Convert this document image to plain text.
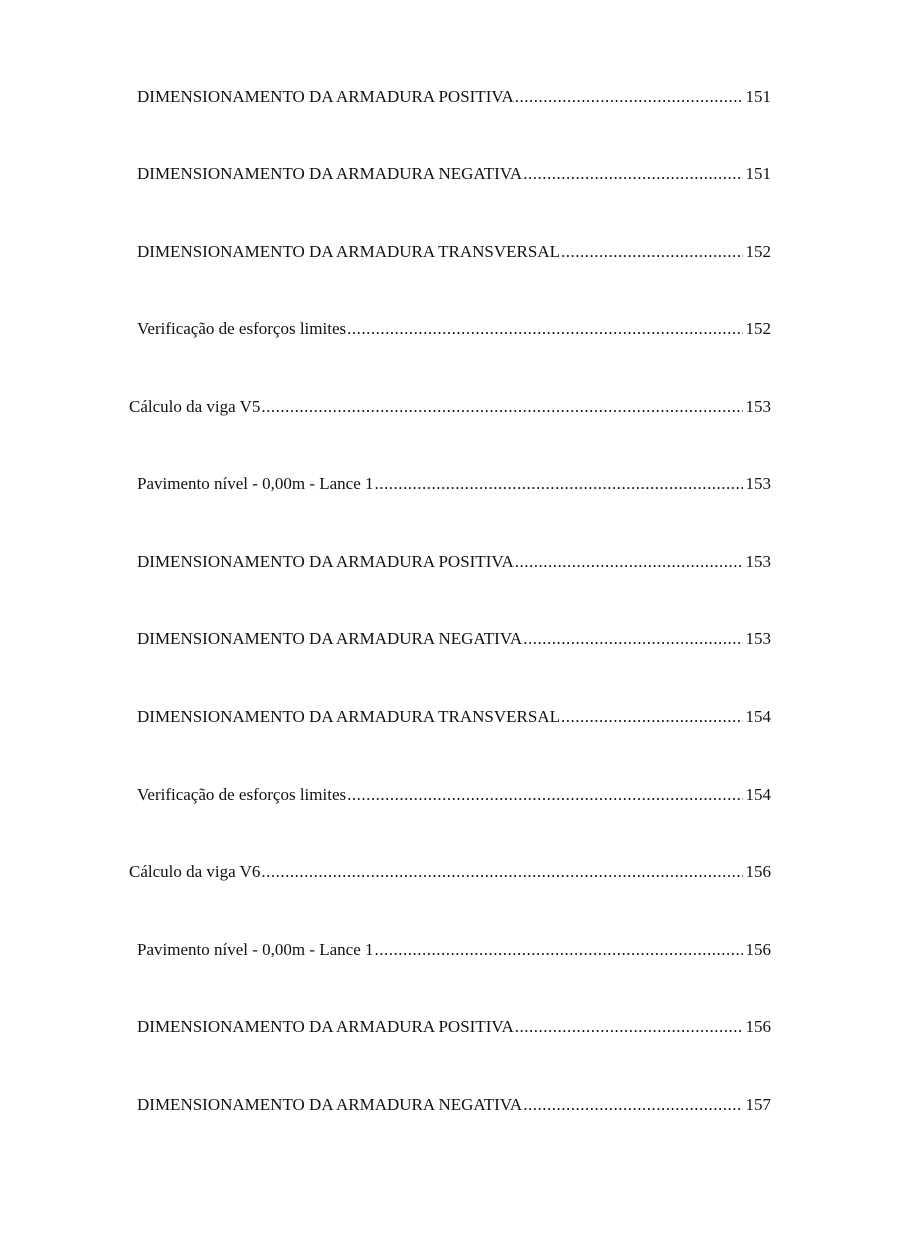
DIMENSIONAMENTO DA ARMADURA POSITIVA .....	151
DIMENSIONAMENTO DA ARMADURA NEGATIVA .....	151
DIMENSIONAMENTO DA ARMADURA TRANSVERSAL .....	152
Verificação de esforços limites .....	152
Cálculo da viga V5 .....	153
Pavimento nível - 0,00m - Lance 1 .....	153
DIMENSIONAMENTO DA ARMADURA POSITIVA .....	153
DIMENSIONAMENTO DA ARMADURA NEGATIVA .....	153
DIMENSIONAMENTO DA ARMADURA TRANSVERSAL .....	154
Verificação de esforços limites .....	154
Cálculo da viga V6 .....	156
Pavimento nível - 0,00m - Lance 1 .....	156
DIMENSIONAMENTO DA ARMADURA POSITIVA .....	156
DIMENSIONAMENTO DA ARMADURA NEGATIVA .....	157
